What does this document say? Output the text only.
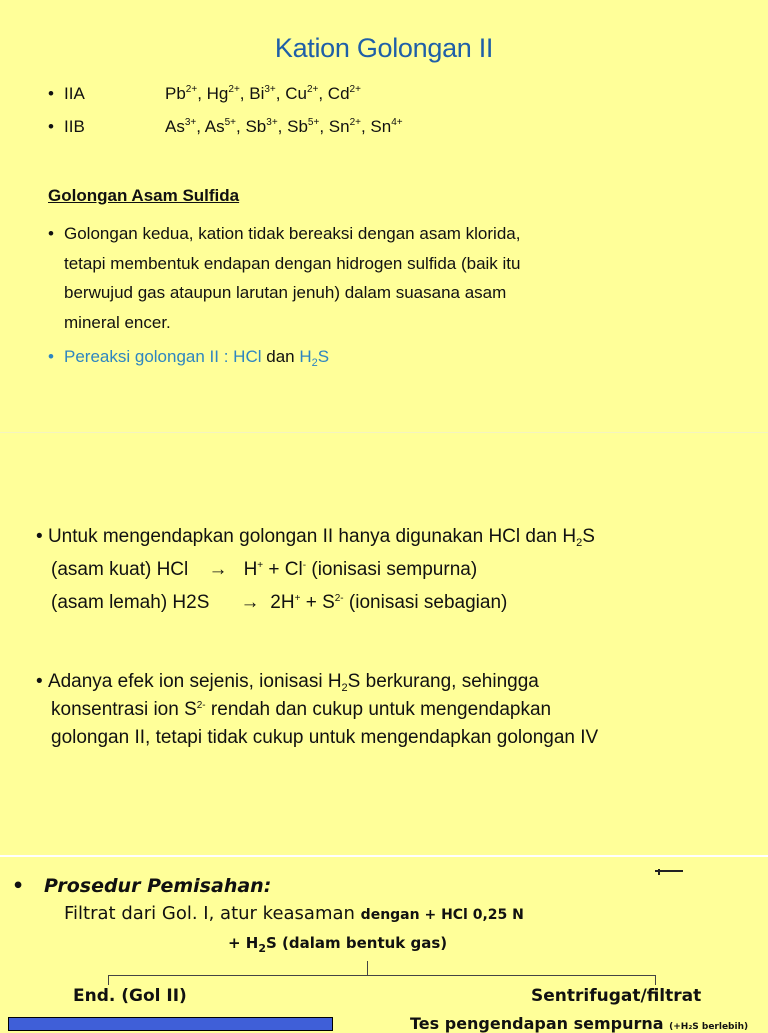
Kation Golongan II
• IIA	$Pb^{2+}$, $Hg^{2+}$, $Bi^{3+}$, $Cu^{2+}$, $Cd^{2+}$
• IIB	$As^{3+}$, $As^{5+}$, $Sb^{3+}$, $Sb^{5+}$, $Sn^{2+}$, $Sn^{4+}$
Golongan Asam Sulfida
• Golongan kedua, kation tidak bereaksi dengan asam klorida,
tetapi membentuk endapan dengan hidrogen sulfida (baik itu
berwujud gas ataupun larutan jenuh) dalam suasana asam
mineral encer.
• Pereaksi golongan II : HCl dan $H_2S$
• Untuk mengendapkan golongan II hanya digunakan HCl dan $H_2S$
(asam kuat) HCl → H+ + Cl- (ionisasi sempurna)
(asam lemah) $H2S \to 2H^+ + S^{2-}$ (ionisasi sebagian)
• Adanya efek ion sejenis, ionisasi $H_2S$ berkurang, sehingga
konsentrasi ion $S^{2-}$ rendah dan cukup untuk mengendapkan
golongan II, tetapi tidak cukup untuk mengendapkan golongan IV
•   Prosedur Pemisahan:
Filtrat dari Gol. I, atur keasaman dengan + HCl 0,25 N
+ $H_2S$ (dalam bentuk gas)
End. (Gol II)	Sentrifugat/filtrat
Tes pengendapan sempurna (+H₂S berlebih)
